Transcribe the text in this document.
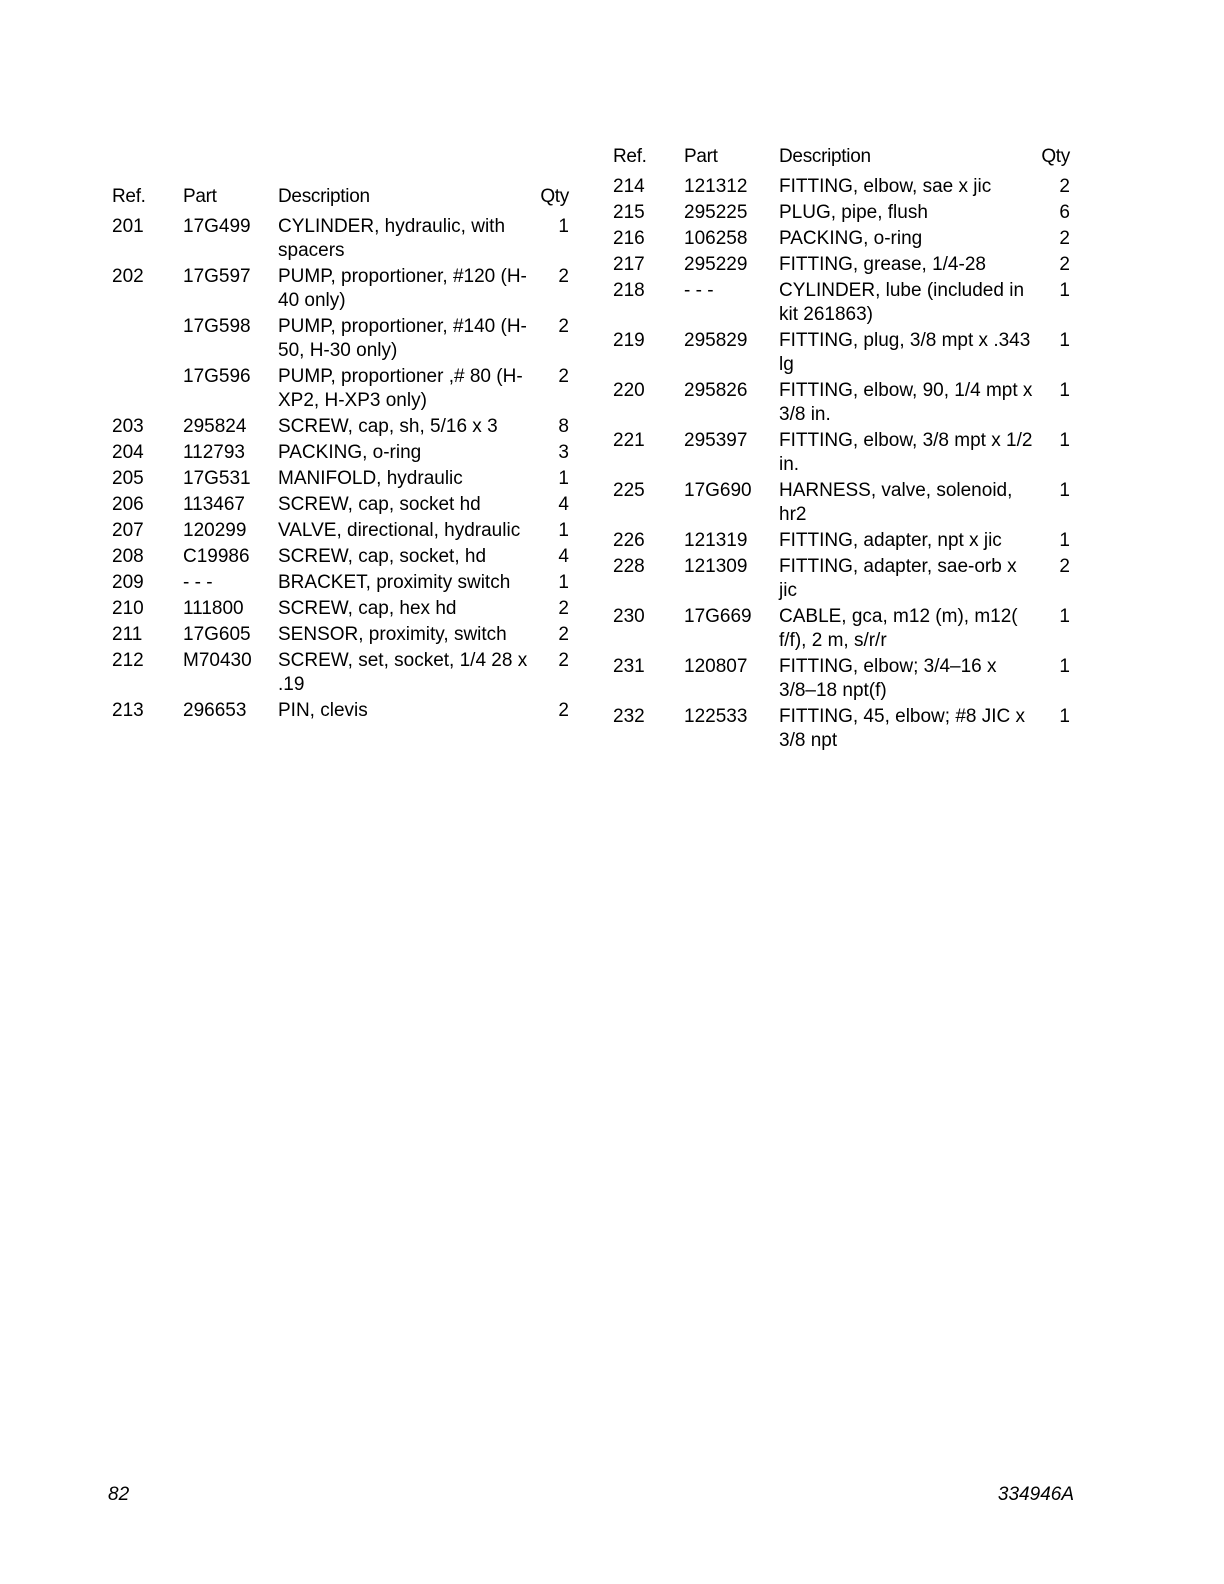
Ref.	Part	Description	Qty
201	17G499	CYLINDER, hydraulic, with spacers	1
202	17G597	PUMP, proportioner, #120 (H-40 only)	2
	17G598	PUMP, proportioner, #140 (H-50, H-30 only)	2
	17G596	PUMP, proportioner ,# 80 (H-XP2, H-XP3 only)	2
203	295824	SCREW, cap, sh, 5/16 x 3	8
204	112793	PACKING, o-ring	3
205	17G531	MANIFOLD, hydraulic	1
206	113467	SCREW, cap, socket hd	4
207	120299	VALVE, directional, hydraulic	1
208	C19986	SCREW, cap, socket, hd	4
209	- - -	BRACKET, proximity switch	1
210	111800	SCREW, cap, hex hd	2
211	17G605	SENSOR, proximity, switch	2
212	M70430	SCREW, set, socket, 1/4 28 x .19	2
213	296653	PIN, clevis	2
Ref.	Part	Description	Qty
214	121312	FITTING, elbow, sae x jic	2
215	295225	PLUG, pipe, flush	6
216	106258	PACKING, o-ring	2
217	295229	FITTING, grease, 1/4-28	2
218	- - -	CYLINDER, lube (included in kit 261863)	1
219	295829	FITTING, plug, 3/8 mpt x .343 lg	1
220	295826	FITTING, elbow, 90, 1/4 mpt x 3/8 in.	1
221	295397	FITTING, elbow, 3/8 mpt x 1/2 in.	1
225	17G690	HARNESS, valve, solenoid, hr2	1
226	121319	FITTING, adapter, npt x jic	1
228	121309	FITTING, adapter, sae-orb x jic	2
230	17G669	CABLE, gca, m12 (m), m12( f/f), 2 m, s/r/r	1
231	120807	FITTING, elbow; 3/4–16 x 3/8–18 npt(f)	1
232	122533	FITTING, 45, elbow; #8 JIC x 3/8 npt	1
82	334946A
